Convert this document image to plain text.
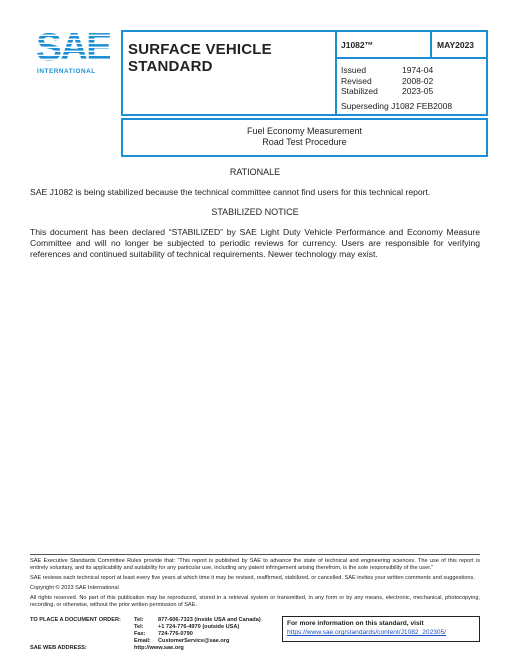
SAE
INTERNATIONAL
SURFACE VEHICLE
STANDARD
J1082™	MAY2023
Issued	1974-04
Revised	2008-02
Stabilized	2023-05
Superseding J1082 FEB2008
Fuel Economy Measurement
Road Test Procedure
RATIONALE

SAE J1082 is being stabilized because the technical committee cannot find users for this technical report.

STABILIZED NOTICE

This document has been declared “STABILIZED” by SAE Light Duty Vehicle Performance and Economy Measure Committee and will no longer be subjected to periodic reviews for currency. Users are responsible for verifying references and continued suitability of technical requirements. Newer technology may exist.

SAE Executive Standards Committee Rules provide that: “This report is published by SAE to advance the state of technical and engineering sciences. The use of this report is entirely voluntary, and its applicability and suitability for any particular use, including any patent infringement arising therefrom, is the sole responsibility of the user.”
SAE reviews each technical report at least every five years at which time it may be revised, reaffirmed, stabilized, or cancelled. SAE invites your written comments and suggestions.
Copyright © 2023 SAE International
All rights reserved. No part of this publication may be reproduced, stored in a retrieval system or transmitted, in any form or by any means, electronic, mechanical, photocopying, recording, or otherwise, without the prior written permission of SAE.
TO PLACE A DOCUMENT ORDER: Tel:	877-606-7323 (inside USA and Canada)
Tel:	+1 724-776-4970 (outside USA)
Fax: 724-776-0790
Email: CustomerService@sae.org
SAE WEB ADDRESS:	http://www.sae.org
For more information on this standard, visit
https://www.sae.org/standards/content/J1082_202305/
